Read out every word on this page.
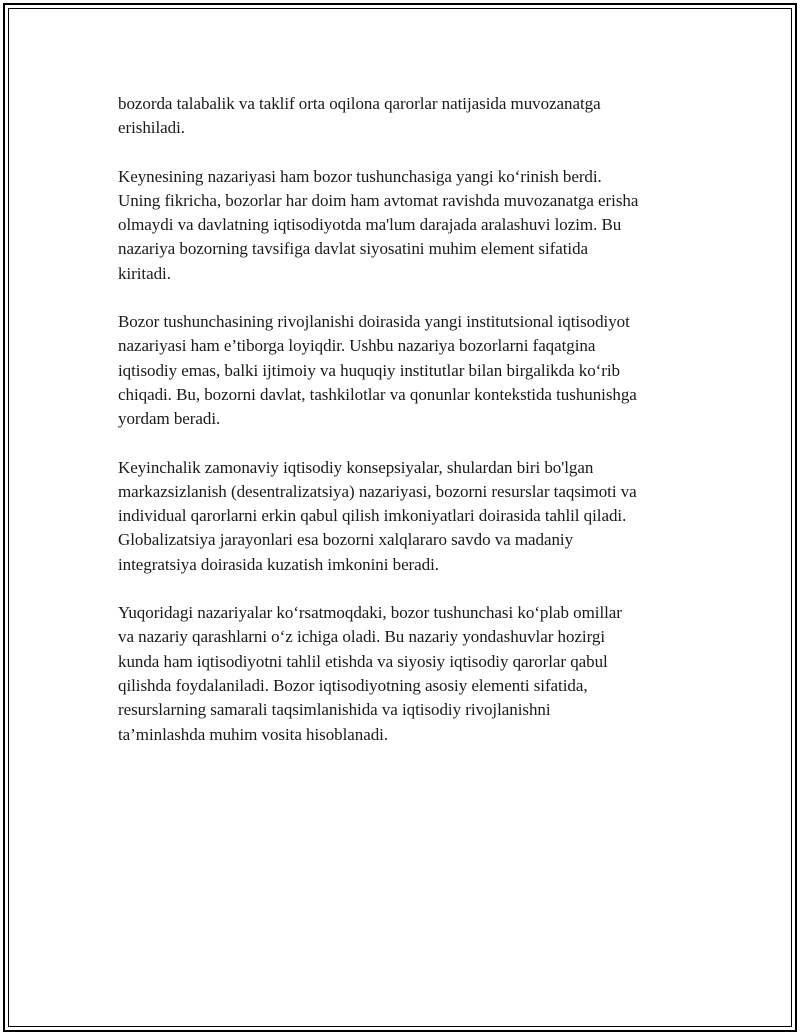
bozorda talabalik va taklif orta oqilona qarorlar natijasida muvozanatga
erishiladi.

Keynesining nazariyasi ham bozor tushunchasiga yangi ko‘rinish berdi.
Uning fikricha, bozorlar har doim ham avtomat ravishda muvozanatga erisha
olmaydi va davlatning iqtisodiyotda ma'lum darajada aralashuvi lozim. Bu
nazariya bozorning tavsifiga davlat siyosatini muhim element sifatida
kiritadi.

Bozor tushunchasining rivojlanishi doirasida yangi institutsional iqtisodiyot
nazariyasi ham e’tiborga loyiqdir. Ushbu nazariya bozorlarni faqatgina
iqtisodiy emas, balki ijtimoiy va huquqiy institutlar bilan birgalikda ko‘rib
chiqadi. Bu, bozorni davlat, tashkilotlar va qonunlar kontekstida tushunishga
yordam beradi.

Keyinchalik zamonaviy iqtisodiy konsepsiyalar, shulardan biri bo'lgan
markazsizlanish (desentralizatsiya) nazariyasi, bozorni resurslar taqsimoti va
individual qarorlarni erkin qabul qilish imkoniyatlari doirasida tahlil qiladi.
Globalizatsiya jarayonlari esa bozorni xalqlararo savdo va madaniy
integratsiya doirasida kuzatish imkonini beradi.

Yuqoridagi nazariyalar ko‘rsatmoqdaki, bozor tushunchasi ko‘plab omillar
va nazariy qarashlarni o‘z ichiga oladi. Bu nazariy yondashuvlar hozirgi
kunda ham iqtisodiyotni tahlil etishda va siyosiy iqtisodiy qarorlar qabul
qilishda foydalaniladi. Bozor iqtisodiyotning asosiy elementi sifatida,
resurslarning samarali taqsimlanishida va iqtisodiy rivojlanishni
ta’minlashda muhim vosita hisoblanadi.
